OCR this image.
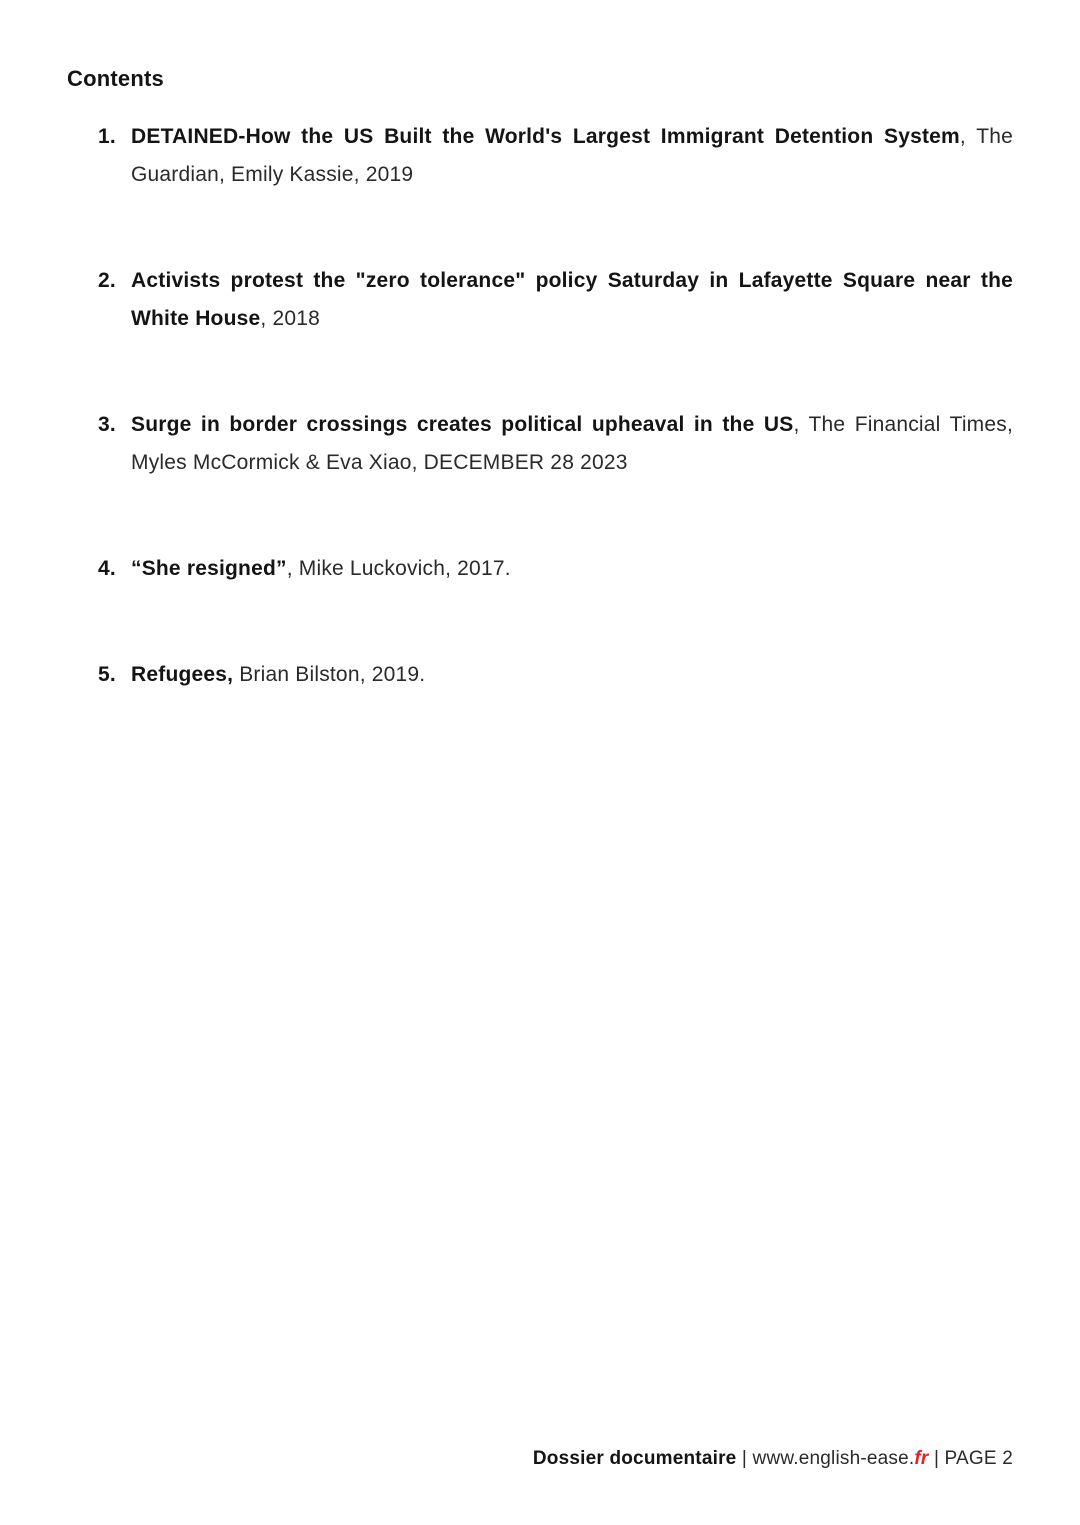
Contents
1. DETAINED-How the US Built the World's Largest Immigrant Detention System, The Guardian, Emily Kassie, 2019
2. Activists protest the "zero tolerance" policy Saturday in Lafayette Square near the White House, 2018
3. Surge in border crossings creates political upheaval in the US, The Financial Times, Myles McCormick & Eva Xiao, DECEMBER 28 2023
4. “She resigned”, Mike Luckovich, 2017.
5. Refugees, Brian Bilston, 2019.
Dossier documentaire | www.english-ease.fr | PAGE 2
